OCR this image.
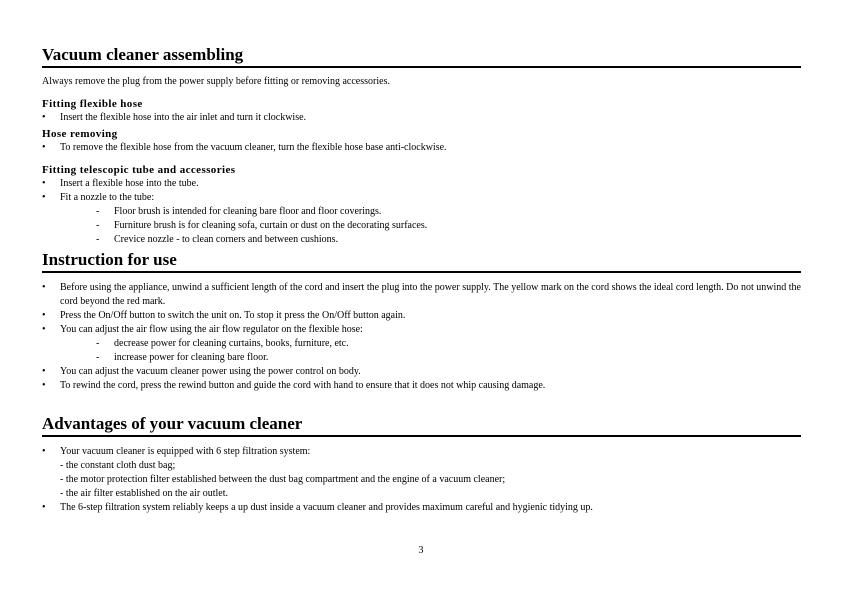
Vacuum cleaner assembling

Always remove the plug from the power supply before fitting or removing accessories.

Fitting flexible hose
• Insert the flexible hose into the air inlet and turn it clockwise.
Hose removing
• To remove the flexible hose from the vacuum cleaner, turn the flexible hose base anti-clockwise.
Fitting telescopic tube and accessories
• Insert a flexible hose into the tube.
• Fit a nozzle to the tube:
- Floor brush is intended for cleaning bare floor and floor coverings.
- Furniture brush is for cleaning sofa, curtain or dust on the decorating surfaces.
- Crevice nozzle - to clean corners and between cushions.
Instruction for use
• Before using the appliance, unwind a sufficient length of the cord and insert the plug into the power supply. The yellow mark on the cord shows the ideal cord length. Do not unwind the cord beyond the red mark.
• Press the On/Off button to switch the unit on. To stop it press the On/Off button again.
• You can adjust the air flow using the air flow regulator on the flexible hose:
- decrease power for cleaning curtains, books, furniture, etc.
- increase power for cleaning bare floor.
• You can adjust the vacuum cleaner power using the power control on body.
• To rewind the cord, press the rewind button and guide the cord with hand to ensure that it does not whip causing damage.
Advantages of your vacuum cleaner
• Your vacuum cleaner is equipped with 6 step filtration system:
- the constant cloth dust bag;
- the motor protection filter established between the dust bag compartment and the engine of a vacuum cleaner;
- the air filter established on the air outlet.
• The 6-step filtration system reliably keeps a up dust inside a vacuum cleaner and provides maximum careful and hygienic tidying up.
3
